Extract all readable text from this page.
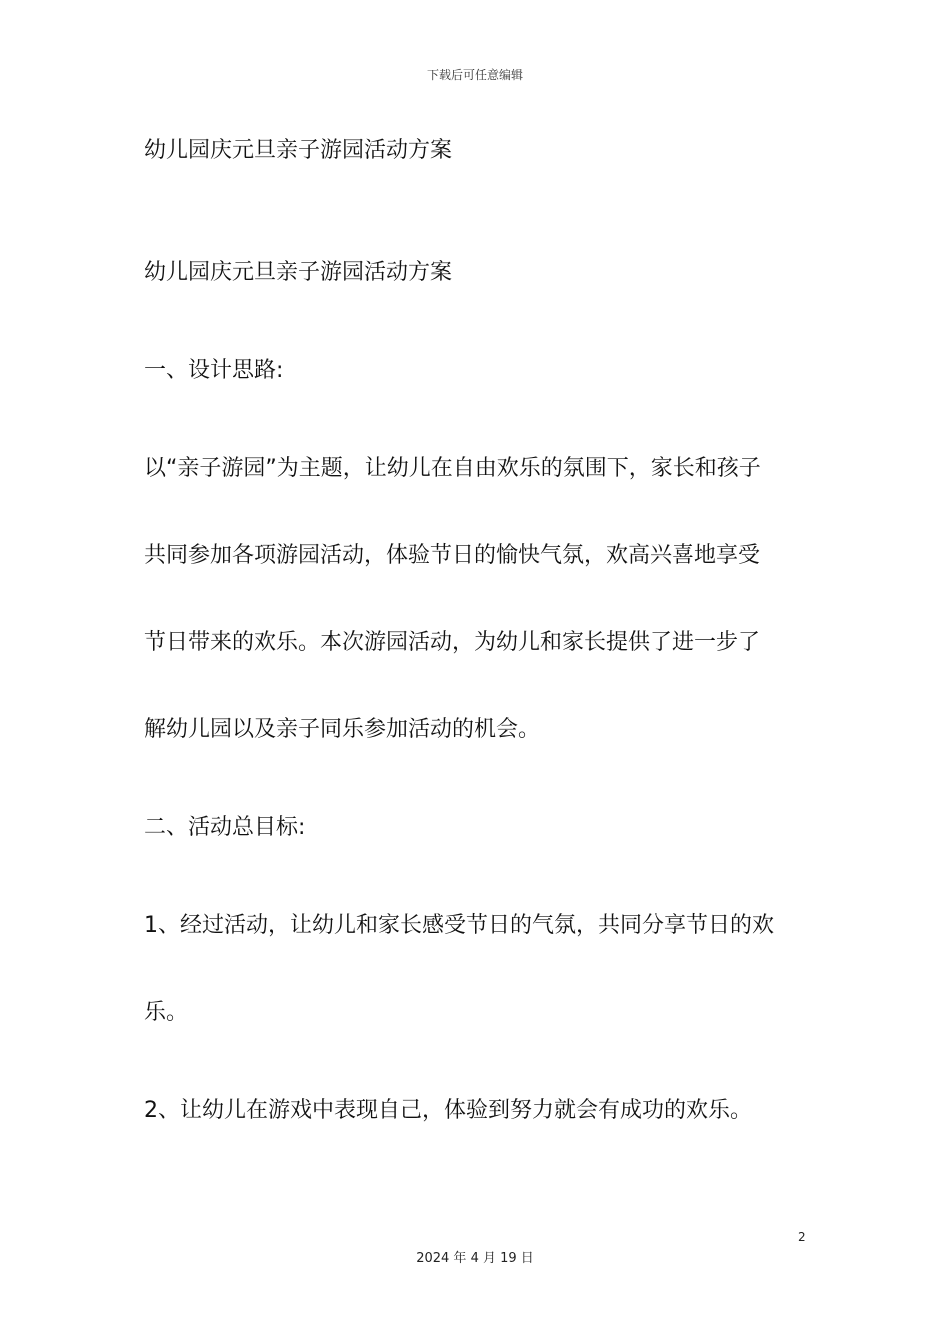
下载后可任意编辑
幼儿园庆元旦亲子游园活动方案
幼儿园庆元旦亲子游园活动方案
一、设计思路:
以“亲子游园”为主题，让幼儿在自由欢乐的氛围下，家长和孩子
共同参加各项游园活动，体验节日的愉快气氛，欢高兴喜地享受
节日带来的欢乐。本次游园活动，为幼儿和家长提供了进一步了
解幼儿园以及亲子同乐参加活动的机会。
二、活动总目标:
1、经过活动，让幼儿和家长感受节日的气氛，共同分享节日的欢
乐。
2、让幼儿在游戏中表现自己，体验到努力就会有成功的欢乐。
2
2024 年 4 月 19 日
